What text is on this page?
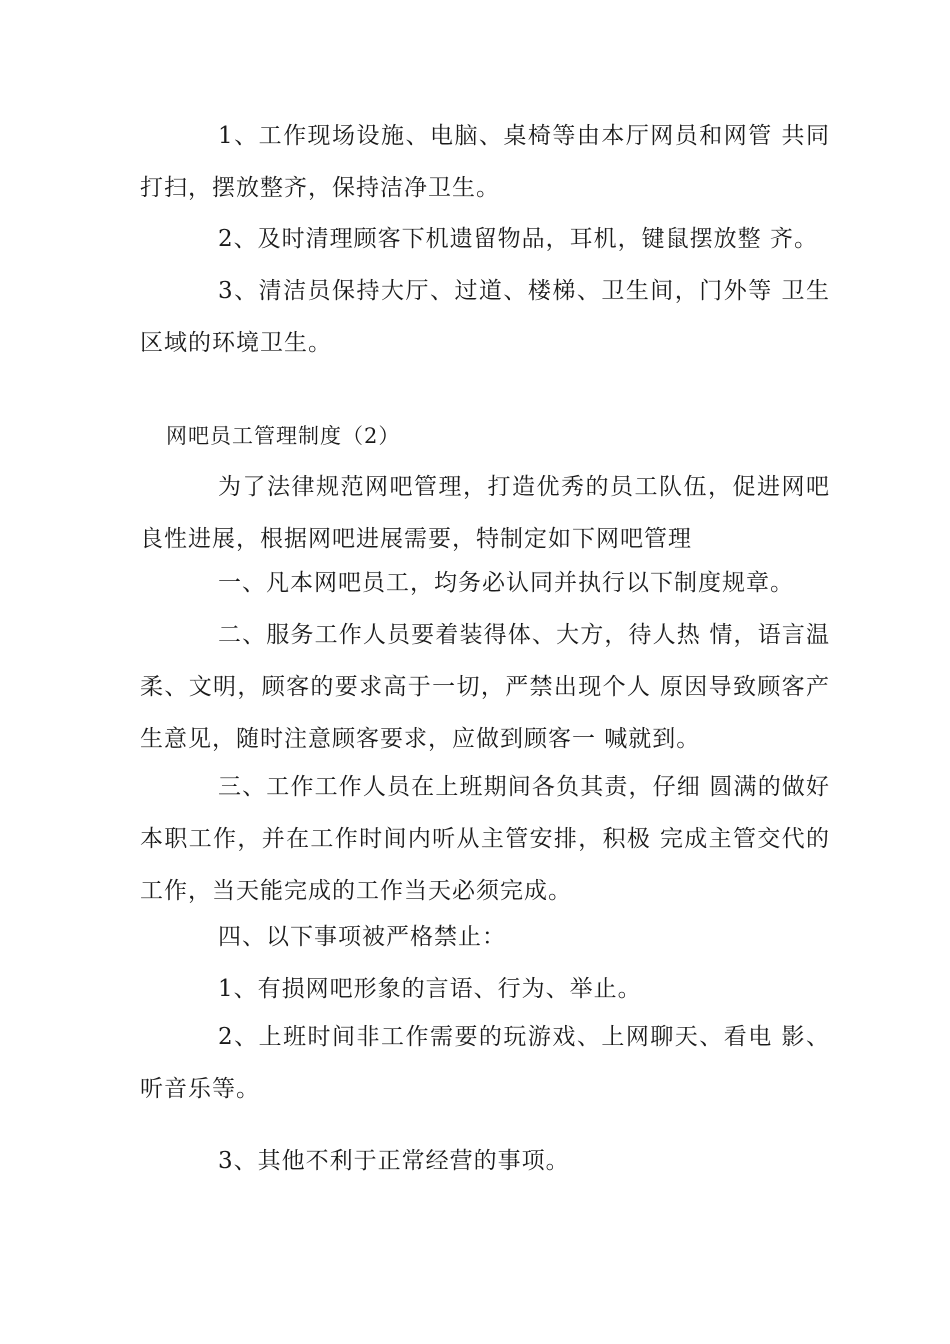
1、工作现场设施、电脑、桌椅等由本厅网员和网管 共同打扫，摆放整齐，保持洁净卫生。

2、及时清理顾客下机遗留物品，耳机，键鼠摆放整 齐。

3、清洁员保持大厅、过道、楼梯、卫生间，门外等 卫生区域的环境卫生。

网吧员工管理制度（2）

为了法律规范网吧管理，打造优秀的员工队伍，促进网吧良性进展，根据网吧进展需要，特制定如下网吧管理

一、凡本网吧员工，均务必认同并执行以下制度规章。

二、服务工作人员要着装得体、大方，待人热 情，语言温柔、文明，顾客的要求高于一切，严禁出现个人 原因导致顾客产生意见，随时注意顾客要求，应做到顾客一 喊就到。

三、工作工作人员在上班期间各负其责，仔细 圆满的做好本职工作，并在工作时间内听从主管安排，积极 完成主管交代的工作，当天能完成的工作当天必须完成。

四、以下事项被严格禁止：

1、有损网吧形象的言语、行为、举止。

2、上班时间非工作需要的玩游戏、上网聊天、看电 影、听音乐等。

3、其他不利于正常经营的事项。
